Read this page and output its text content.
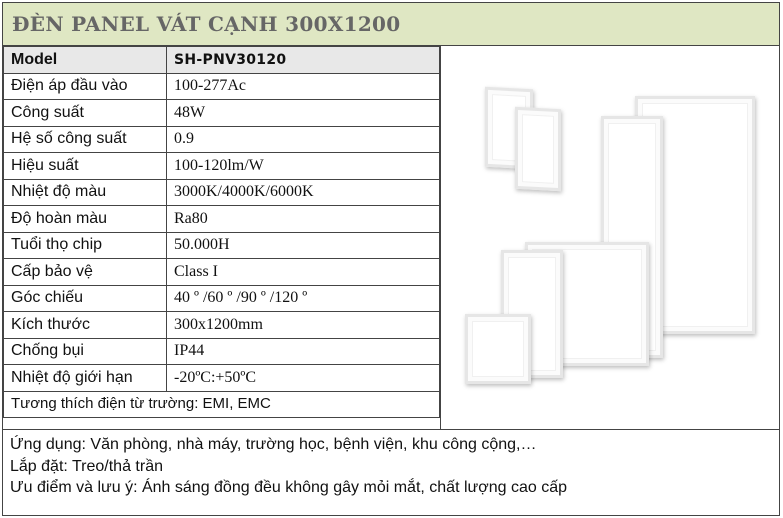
ĐÈN PANEL VÁT CẠNH 300X1200
Model	SH-PNV30120
Điện áp đầu vào	100-277Ac
Công suất	48W
Hệ số công suất	0.9
Hiệu suất	100-120lm/W
Nhiệt độ màu	3000K/4000K/6000K
Độ hoàn màu	Ra80
Tuổi thọ chip	50.000H
Cấp bảo vệ	Class I
Góc chiếu	40 º /60 º /90 º /120 º
Kích thước	300x1200mm
Chống bụi	IP44
Nhiệt độ giới hạn	-20ºC:+50ºC
Tương thích điện từ trường: EMI, EMC	
Ứng dụng: Văn phòng, nhà máy, trường học, bệnh viện, khu công cộng,…
Lắp đặt: Treo/thả trần
Ưu điểm và lưu ý: Ánh sáng đồng đều không gây mỏi mắt, chất lượng cao cấp
